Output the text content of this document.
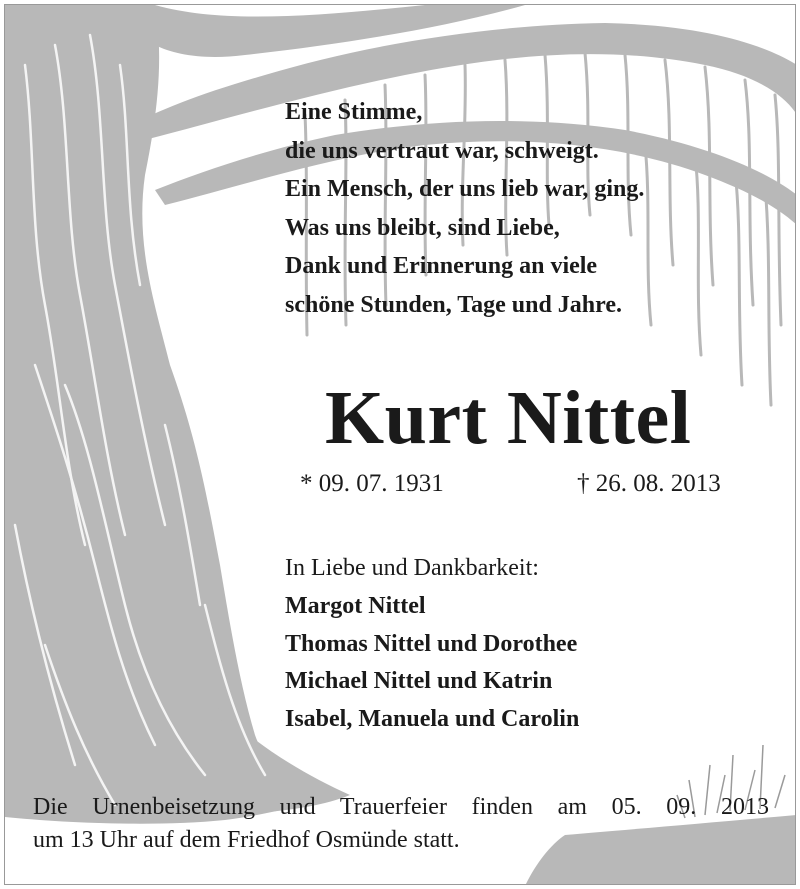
Eine Stimme,
die uns vertraut war, schweigt.
Ein Mensch, der uns lieb war, ging.
Was uns bleibt, sind Liebe,
Dank und Erinnerung an viele
schöne Stunden, Tage und Jahre.
Kurt Nittel
* 09. 07. 1931	† 26. 08. 2013
In Liebe und Dankbarkeit:
Margot Nittel
Thomas Nittel und Dorothee
Michael Nittel und Katrin
Isabel, Manuela und Carolin
Die Urnenbeisetzung und Trauerfeier finden am 05. 09. 2013
um 13 Uhr auf dem Friedhof Osmünde statt.
